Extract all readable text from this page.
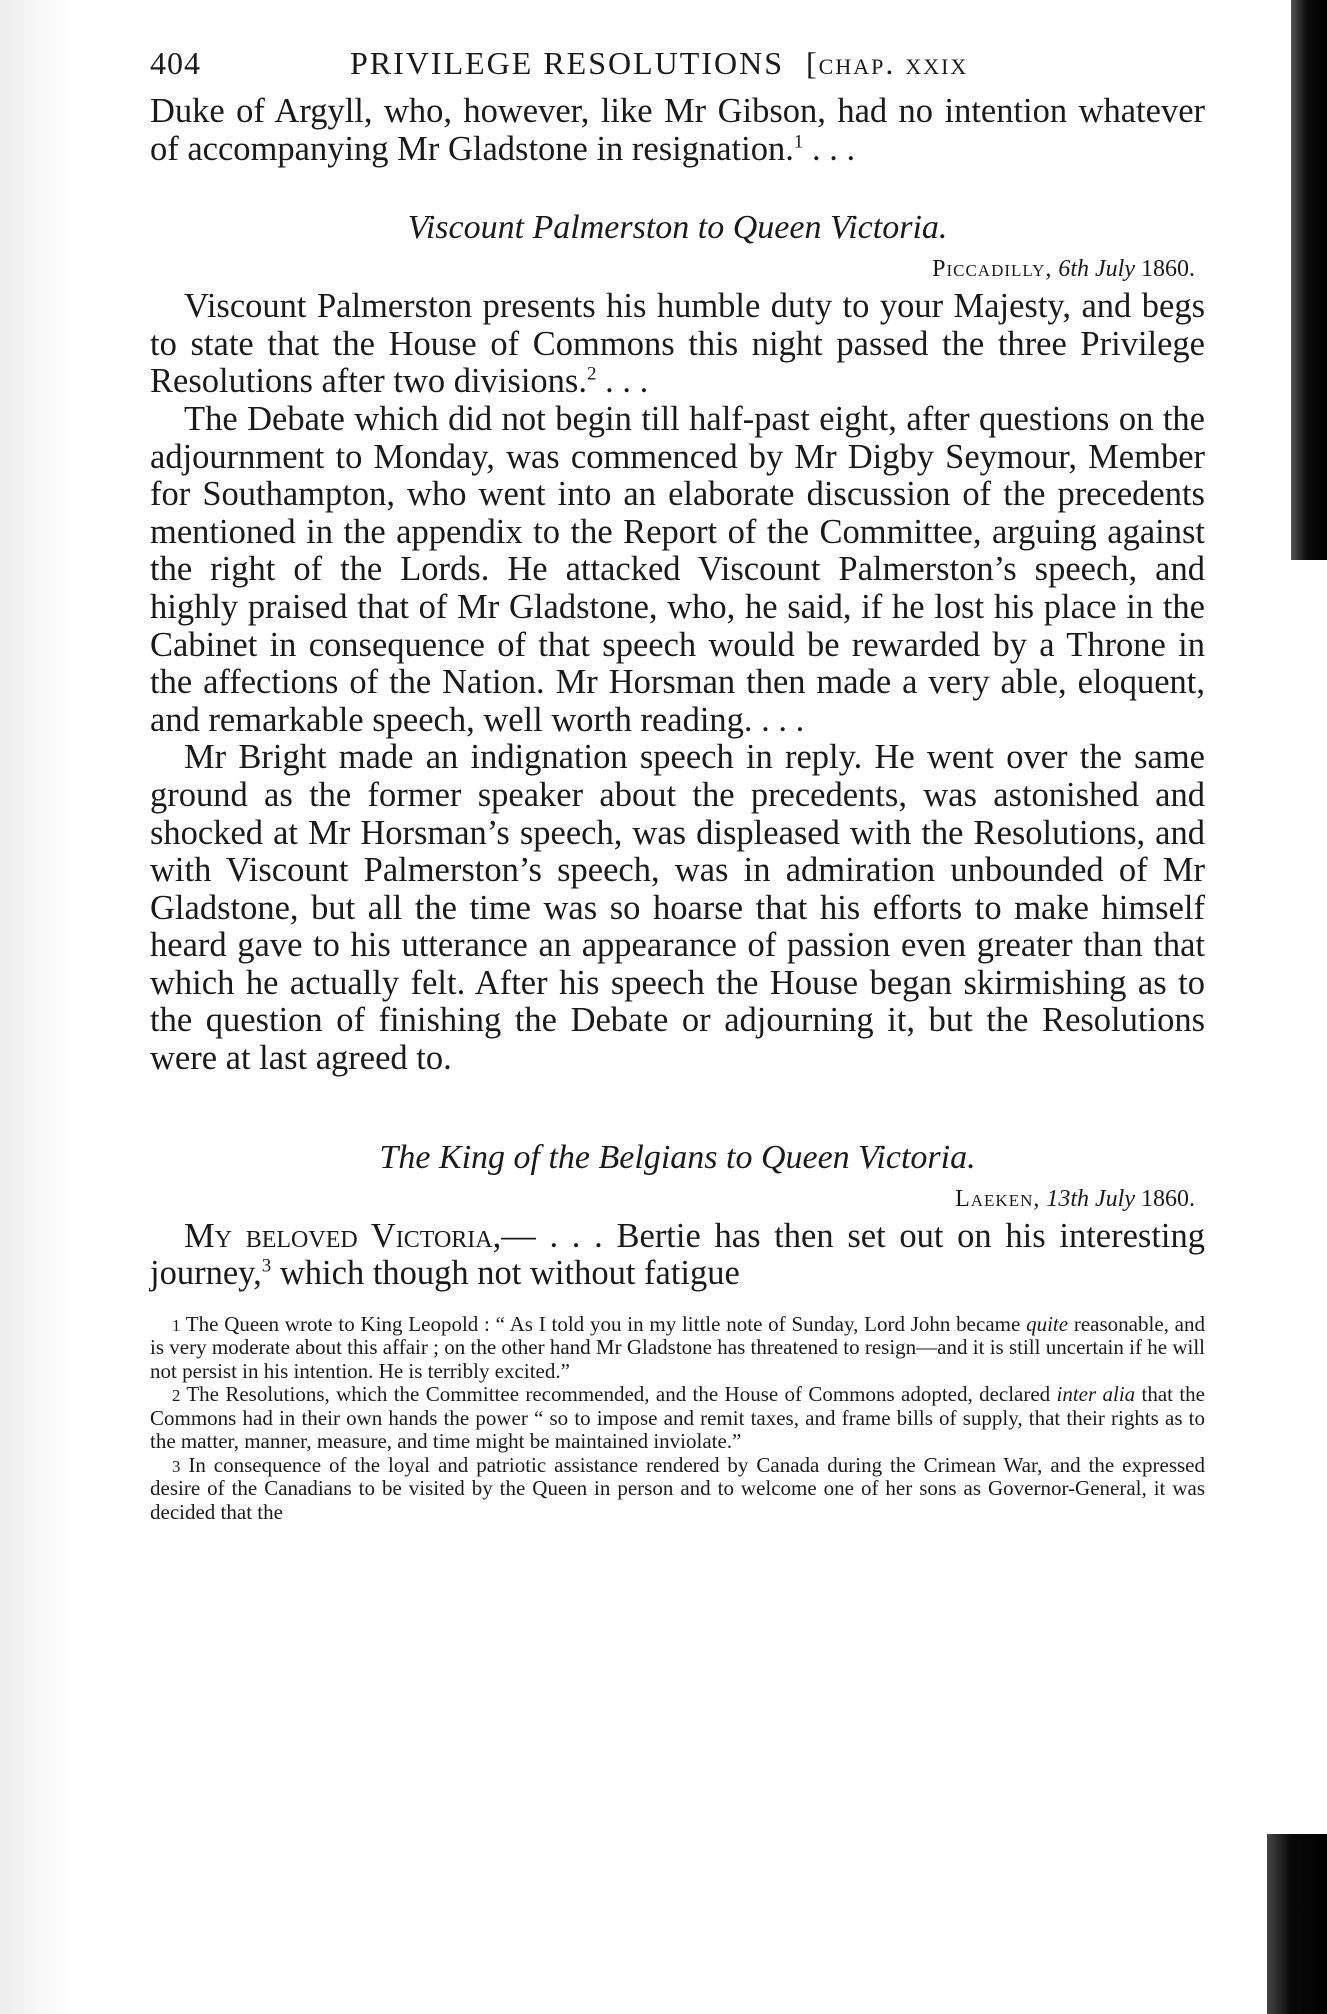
404	PRIVILEGE RESOLUTIONS [chap. xxix

Duke of Argyll, who, however, like Mr Gibson, had no intention whatever of accompanying Mr Gladstone in resignation.$^1$ . . .

Viscount Palmerston to Queen Victoria.

Piccadilly, 6th July 1860.

Viscount Palmerston presents his humble duty to your Majesty, and begs to state that the House of Commons this night passed the three Privilege Resolutions after two divisions.$^2$ . . .

The Debate which did not begin till half-past eight, after questions on the adjournment to Monday, was commenced by Mr Digby Seymour, Member for Southampton, who went into an elaborate discussion of the precedents mentioned in the appendix to the Report of the Committee, arguing against the right of the Lords. He attacked Viscount Palmerston’s speech, and highly praised that of Mr Gladstone, who, he said, if he lost his place in the Cabinet in consequence of that speech would be rewarded by a Throne in the affections of the Nation. Mr Horsman then made a very able, eloquent, and remarkable speech, well worth reading. . . .

Mr Bright made an indignation speech in reply. He went over the same ground as the former speaker about the precedents, was astonished and shocked at Mr Horsman’s speech, was displeased with the Resolutions, and with Viscount Palmerston’s speech, was in admiration unbounded of Mr Gladstone, but all the time was so hoarse that his efforts to make himself heard gave to his utterance an appearance of passion even greater than that which he actually felt. After his speech the House began skirmishing as to the question of finishing the Debate or adjourning it, but the Resolutions were at last agreed to.

The King of the Belgians to Queen Victoria.

Laeken, 13th July 1860.

My beloved Victoria,— . . . Bertie has then set out on his interesting journey,$^3$ which though not without fatigue

1 The Queen wrote to King Leopold : “ As I told you in my little note of Sunday, Lord John became quite reasonable, and is very moderate about this affair ; on the other hand Mr Gladstone has threatened to resign—and it is still uncertain if he will not persist in his intention. He is terribly excited.”

2 The Resolutions, which the Committee recommended, and the House of Commons adopted, declared inter alia that the Commons had in their own hands the power “ so to impose and remit taxes, and frame bills of supply, that their rights as to the matter, manner, measure, and time might be maintained inviolate.”

3 In consequence of the loyal and patriotic assistance rendered by Canada during the Crimean War, and the expressed desire of the Canadians to be visited by the Queen in person and to welcome one of her sons as Governor-General, it was decided that the
